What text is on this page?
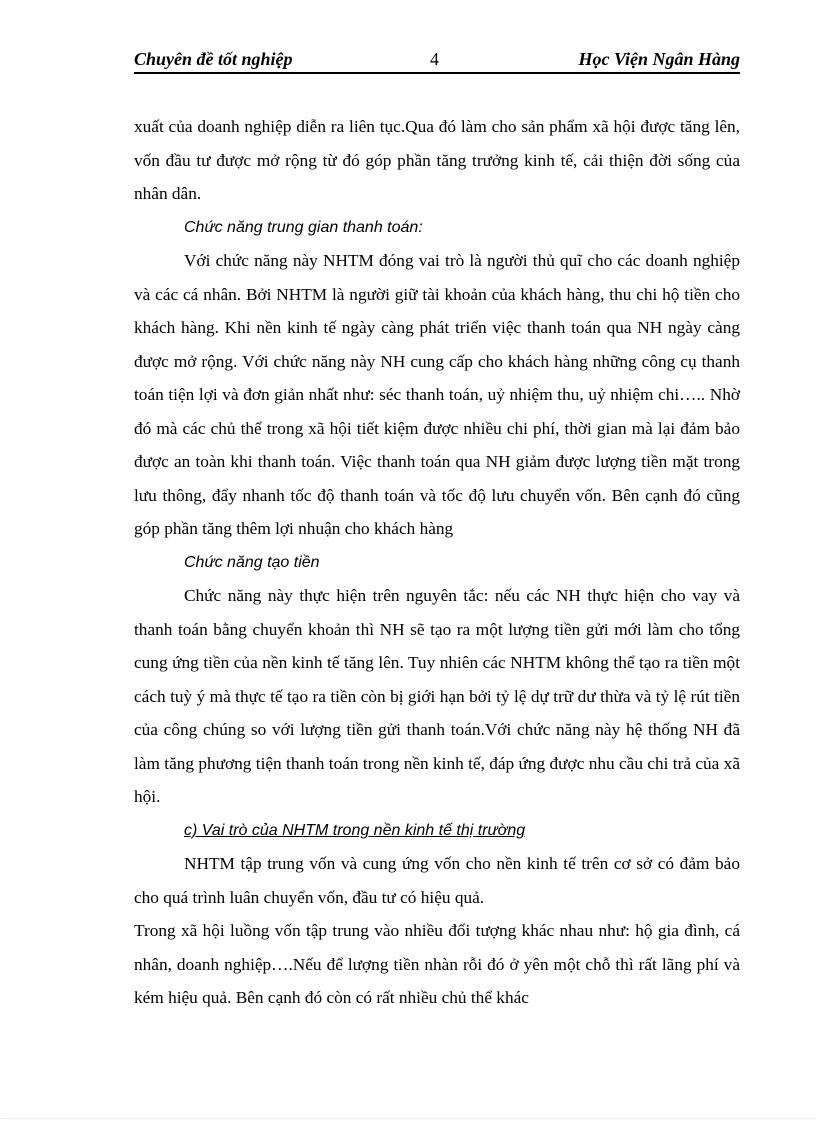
Chuyên đề tốt nghiệp	4	Học Viện Ngân Hàng

xuất của doanh nghiệp diễn ra liên tục.Qua đó làm cho sản phẩm xã hội được tăng lên, vốn đầu tư được mở rộng từ đó góp phần tăng trưởng kinh tế, cải thiện đời sống của nhân dân.

Chức năng trung gian thanh toán:

Với chức năng này NHTM đóng vai trò là người thủ quĩ cho các doanh nghiệp và các cá nhân. Bởi NHTM là người giữ tài khoản của khách hàng, thu chi hộ tiền cho khách hàng. Khi nền kinh tế ngày càng phát triển việc thanh toán qua NH ngày càng được mở rộng. Với chức năng này NH cung cấp cho khách hàng những công cụ thanh toán tiện lợi và đơn giản nhất như: séc thanh toán, uỷ nhiệm thu, uỷ nhiệm chi….. Nhờ đó mà các chủ thể trong xã hội tiết kiệm được nhiều chi phí, thời gian mà lại đảm bảo được an toàn khi thanh toán. Việc thanh toán qua NH giảm được lượng tiền mặt trong lưu thông, đẩy nhanh tốc độ thanh toán và tốc độ lưu chuyển vốn. Bên cạnh đó cũng góp phần tăng thêm lợi nhuận cho khách hàng

Chức năng tạo tiền

Chức năng này thực hiện trên nguyên tắc: nếu các NH thực hiện cho vay và thanh toán bằng chuyển khoản thì NH sẽ tạo ra một lượng tiền gửi mới làm cho tổng cung ứng tiền của nền kinh tế tăng lên. Tuy nhiên các NHTM không thể tạo ra tiền một cách tuỳ ý mà thực tế tạo ra tiền còn bị giới hạn bởi tỷ lệ dự trữ dư thừa và tỷ lệ rút tiền của công chúng so với lượng tiền gửi thanh toán.Với chức năng này hệ thống NH đã làm tăng phương tiện thanh toán trong nền kinh tế, đáp ứng được nhu cầu chi trả của xã hội.

c) Vai trò của NHTM trong nền kinh tế thị trường

NHTM tập trung vốn và cung ứng vốn cho nền kinh tế trên cơ sở có đảm bảo cho quá trình luân chuyển vốn, đầu tư có hiệu quả.

Trong xã hội luồng vốn tập trung vào nhiều đối tượng khác nhau như: hộ gia đình, cá nhân, doanh nghiệp….Nếu để lượng tiền nhàn rỗi đó ở yên một chỗ thì rất lãng phí và kém hiệu quả. Bên cạnh đó còn có rất nhiều chủ thể khác
